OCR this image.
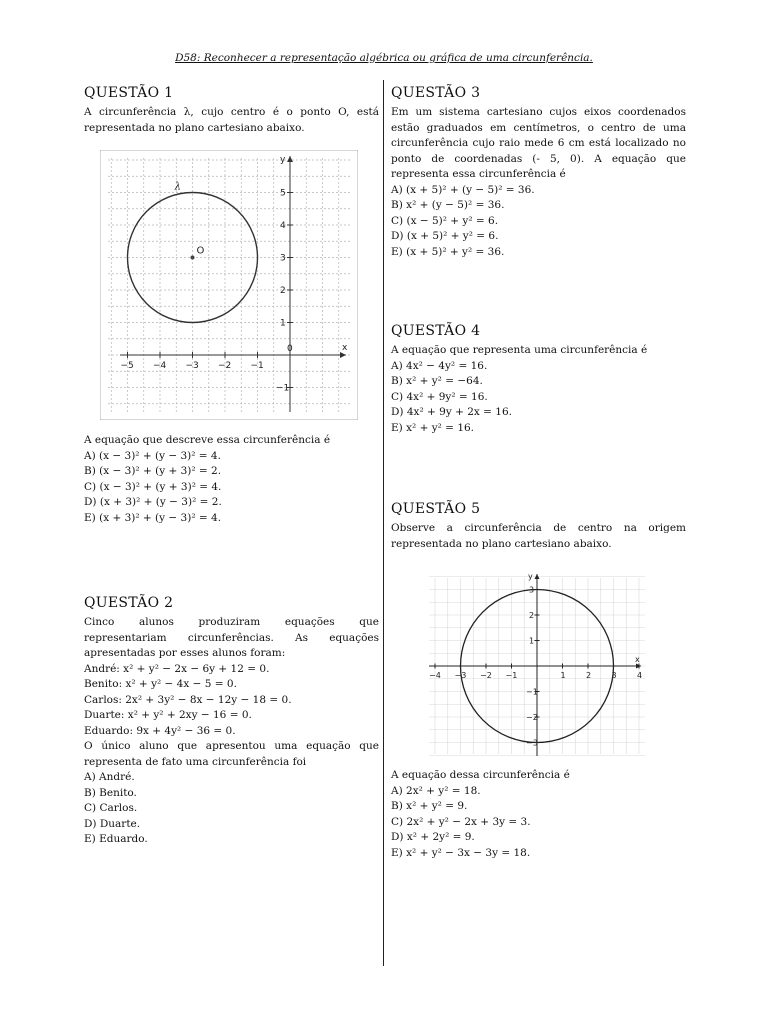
D58: Reconhecer a representação algébrica ou gráfica de uma circunferência.
QUESTÃO 1

A circunferência λ, cujo centro é o ponto O, está representada no plano cartesiano abaixo.

O
λ
y
x
0
−5 −4 −3 −2 −1
5
4
3
2
1
−1

A equação que descreve essa circunferência é

A) (x − 3)² + (y − 3)² = 4.

B) (x − 3)² + (y + 3)² = 2.

C) (x − 3)² + (y + 3)² = 4.

D) (x + 3)² + (y − 3)² = 2.

E) (x + 3)² + (y − 3)² = 4.

QUESTÃO 2

Cinco alunos produziram equações que representariam circunferências. As equações apresentadas por esses alunos foram:

André: x² + y² − 2x − 6y + 12 = 0.

Benito: x² + y² − 4x − 5 = 0.

Carlos: 2x² + 3y² − 8x − 12y − 18 = 0.

Duarte: x² + y² + 2xy − 16 = 0.

Eduardo: 9x + 4y² − 36 = 0.

O único aluno que apresentou uma equação que representa de fato uma circunferência foi

A) André.

B) Benito.

C) Carlos.

D) Duarte.

E) Eduardo.

QUESTÃO 3

Em um sistema cartesiano cujos eixos coordenados estão graduados em centímetros, o centro de uma circunferência cujo raio mede 6 cm está localizado no ponto de coordenadas (- 5, 0). A equação que representa essa circunferência é

A) (x + 5)² + (y − 5)² = 36.

B) x² + (y − 5)² = 36.

C) (x − 5)² + y² = 6.

D) (x + 5)² + y² = 6.

E) (x + 5)² + y² = 36.

QUESTÃO 4

A equação que representa uma circunferência é

A) 4x² − 4y² = 16.

B) x² + y² = −64.

C) 4x² + 9y² = 16.

D) 4x² + 9y + 2x = 16.

E) x² + y² = 16.

QUESTÃO 5

Observe a circunferência de centro na origem representada no plano cartesiano abaixo.

y
x
−4 −3 −2 −1	1	2	3	4
3
2
1
−1
−2
−3

A equação dessa circunferência é

A) 2x² + y² = 18.

B) x² + y² = 9.

C) 2x² + y² − 2x + 3y = 3.

D) x² + 2y² = 9.

E) x² + y² − 3x − 3y = 18.
